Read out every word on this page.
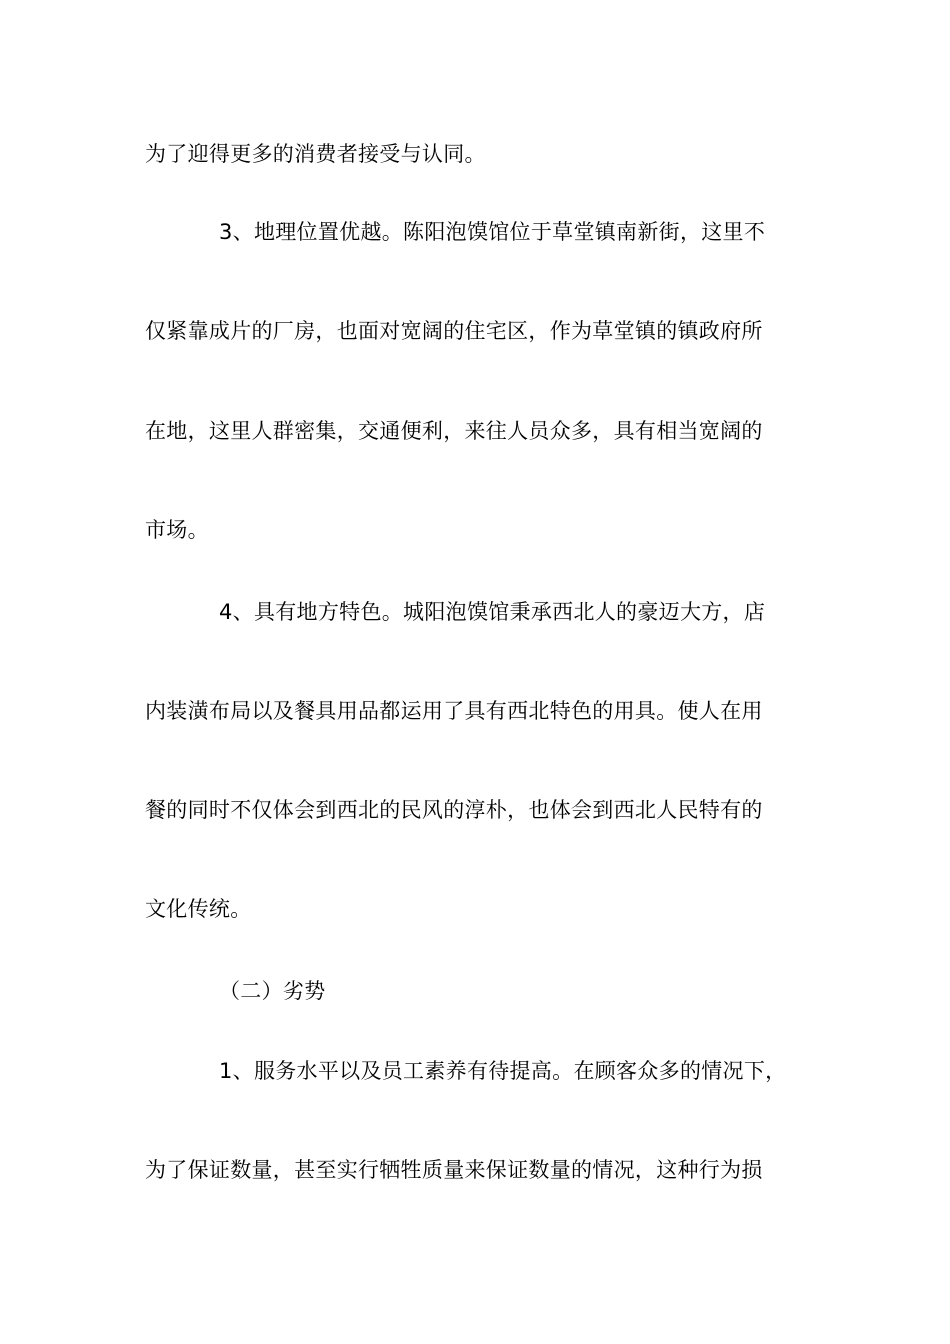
为了迎得更多的消费者接受与认同。
3、地理位置优越。陈阳泡馍馆位于草堂镇南新街，这里不
仅紧靠成片的厂房，也面对宽阔的住宅区，作为草堂镇的镇政府所
在地，这里人群密集，交通便利，来往人员众多，具有相当宽阔的
市场。
4、具有地方特色。城阳泡馍馆秉承西北人的豪迈大方，店
内装潢布局以及餐具用品都运用了具有西北特色的用具。使人在用
餐的同时不仅体会到西北的民风的淳朴，也体会到西北人民特有的
文化传统。
（二）劣势
1、服务水平以及员工素养有待提高。在顾客众多的情况下，
为了保证数量，甚至实行牺牲质量来保证数量的情况，这种行为损
